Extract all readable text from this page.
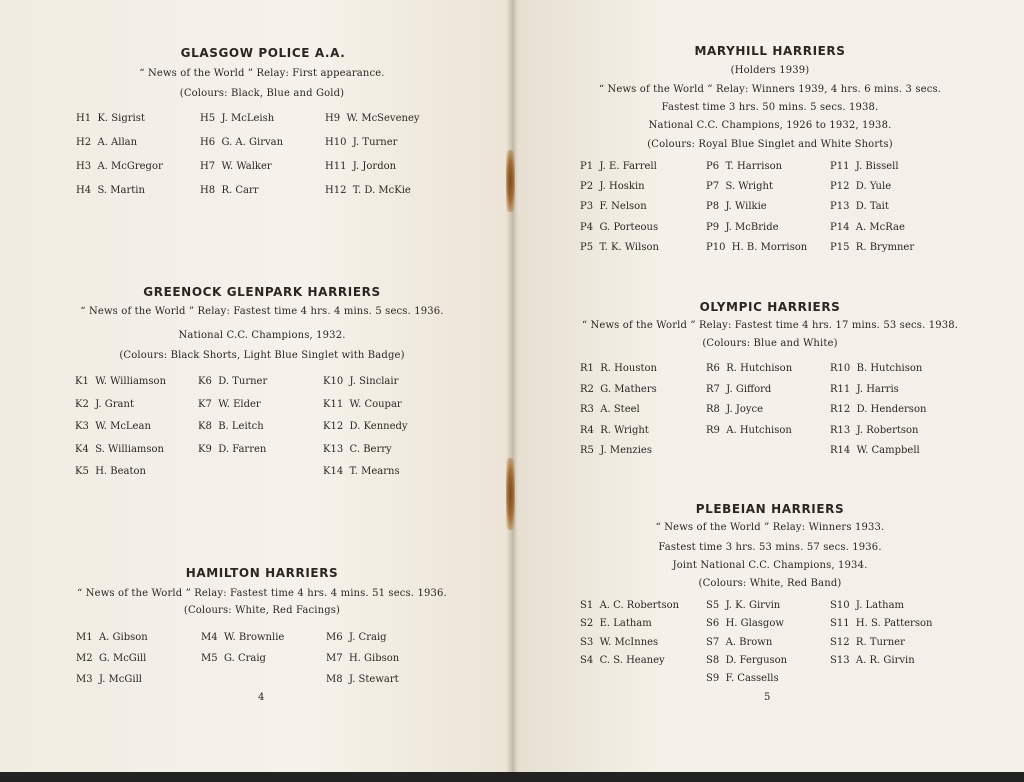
4	5
GLASGOW POLICE A.A.
“ News of the World ” Relay: First appearance.
(Colours: Black, Blue and Gold)
H1  K. Sigrist
H2  A. Allan
H3  A. McGregor
H4  S. Martin
H5  J. McLeish
H6  G. A. Girvan
H7  W. Walker
H8  R. Carr
H9  W. McSeveney
H10  J. Turner
H11  J. Jordon
H12  T. D. McKie
GREENOCK GLENPARK HARRIERS
“ News of the World ” Relay: Fastest time 4 hrs. 4 mins. 5 secs. 1936.
National C.C. Champions, 1932.
(Colours: Black Shorts, Light Blue Singlet with Badge)
K1  W. Williamson
K2  J. Grant
K3  W. McLean
K4  S. Williamson
K5  H. Beaton
K6  D. Turner
K7  W. Elder
K8  B. Leitch
K9  D. Farren
K10  J. Sinclair
K11  W. Coupar
K12  D. Kennedy
K13  C. Berry
K14  T. Mearns
HAMILTON HARRIERS
“ News of the World ” Relay: Fastest time 4 hrs. 4 mins. 51 secs. 1936.
(Colours: White, Red Facings)
M1  A. Gibson
M2  G. McGill
M3  J. McGill
M4  W. Brownlie
M5  G. Craig
M6  J. Craig
M7  H. Gibson
M8  J. Stewart
MARYHILL HARRIERS
(Holders 1939)
“ News of the World ” Relay: Winners 1939, 4 hrs. 6 mins. 3 secs.
Fastest time 3 hrs. 50 mins. 5 secs. 1938.
National C.C. Champions, 1926 to 1932, 1938.
(Colours: Royal Blue Singlet and White Shorts)
P1  J. E. Farrell
P2  J. Hoskin
P3  F. Nelson
P4  G. Porteous
P5  T. K. Wilson
P6  T. Harrison
P7  S. Wright
P8  J. Wilkie
P9  J. McBride
P10  H. B. Morrison
P11  J. Bissell
P12  D. Yule
P13  D. Tait
P14  A. McRae
P15  R. Brymner
OLYMPIC HARRIERS
“ News of the World ” Relay: Fastest time 4 hrs. 17 mins. 53 secs. 1938.
(Colours: Blue and White)
R1  R. Houston
R2  G. Mathers
R3  A. Steel
R4  R. Wright
R5  J. Menzies
R6  R. Hutchison
R7  J. Gifford
R8  J. Joyce
R9  A. Hutchison
R10  B. Hutchison
R11  J. Harris
R12  D. Henderson
R13  J. Robertson
R14  W. Campbell
PLEBEIAN HARRIERS
“ News of the World ” Relay: Winners 1933.
Fastest time 3 hrs. 53 mins. 57 secs. 1936.
Joint National C.C. Champions, 1934.
(Colours: White, Red Band)
S1  A. C. Robertson
S2  E. Latham
S3  W. McInnes
S4  C. S. Heaney
S5  J. K. Girvin
S6  H. Glasgow
S7  A. Brown
S8  D. Ferguson
S9  F. Cassells
S10  J. Latham
S11  H. S. Patterson
S12  R. Turner
S13  A. R. Girvin
